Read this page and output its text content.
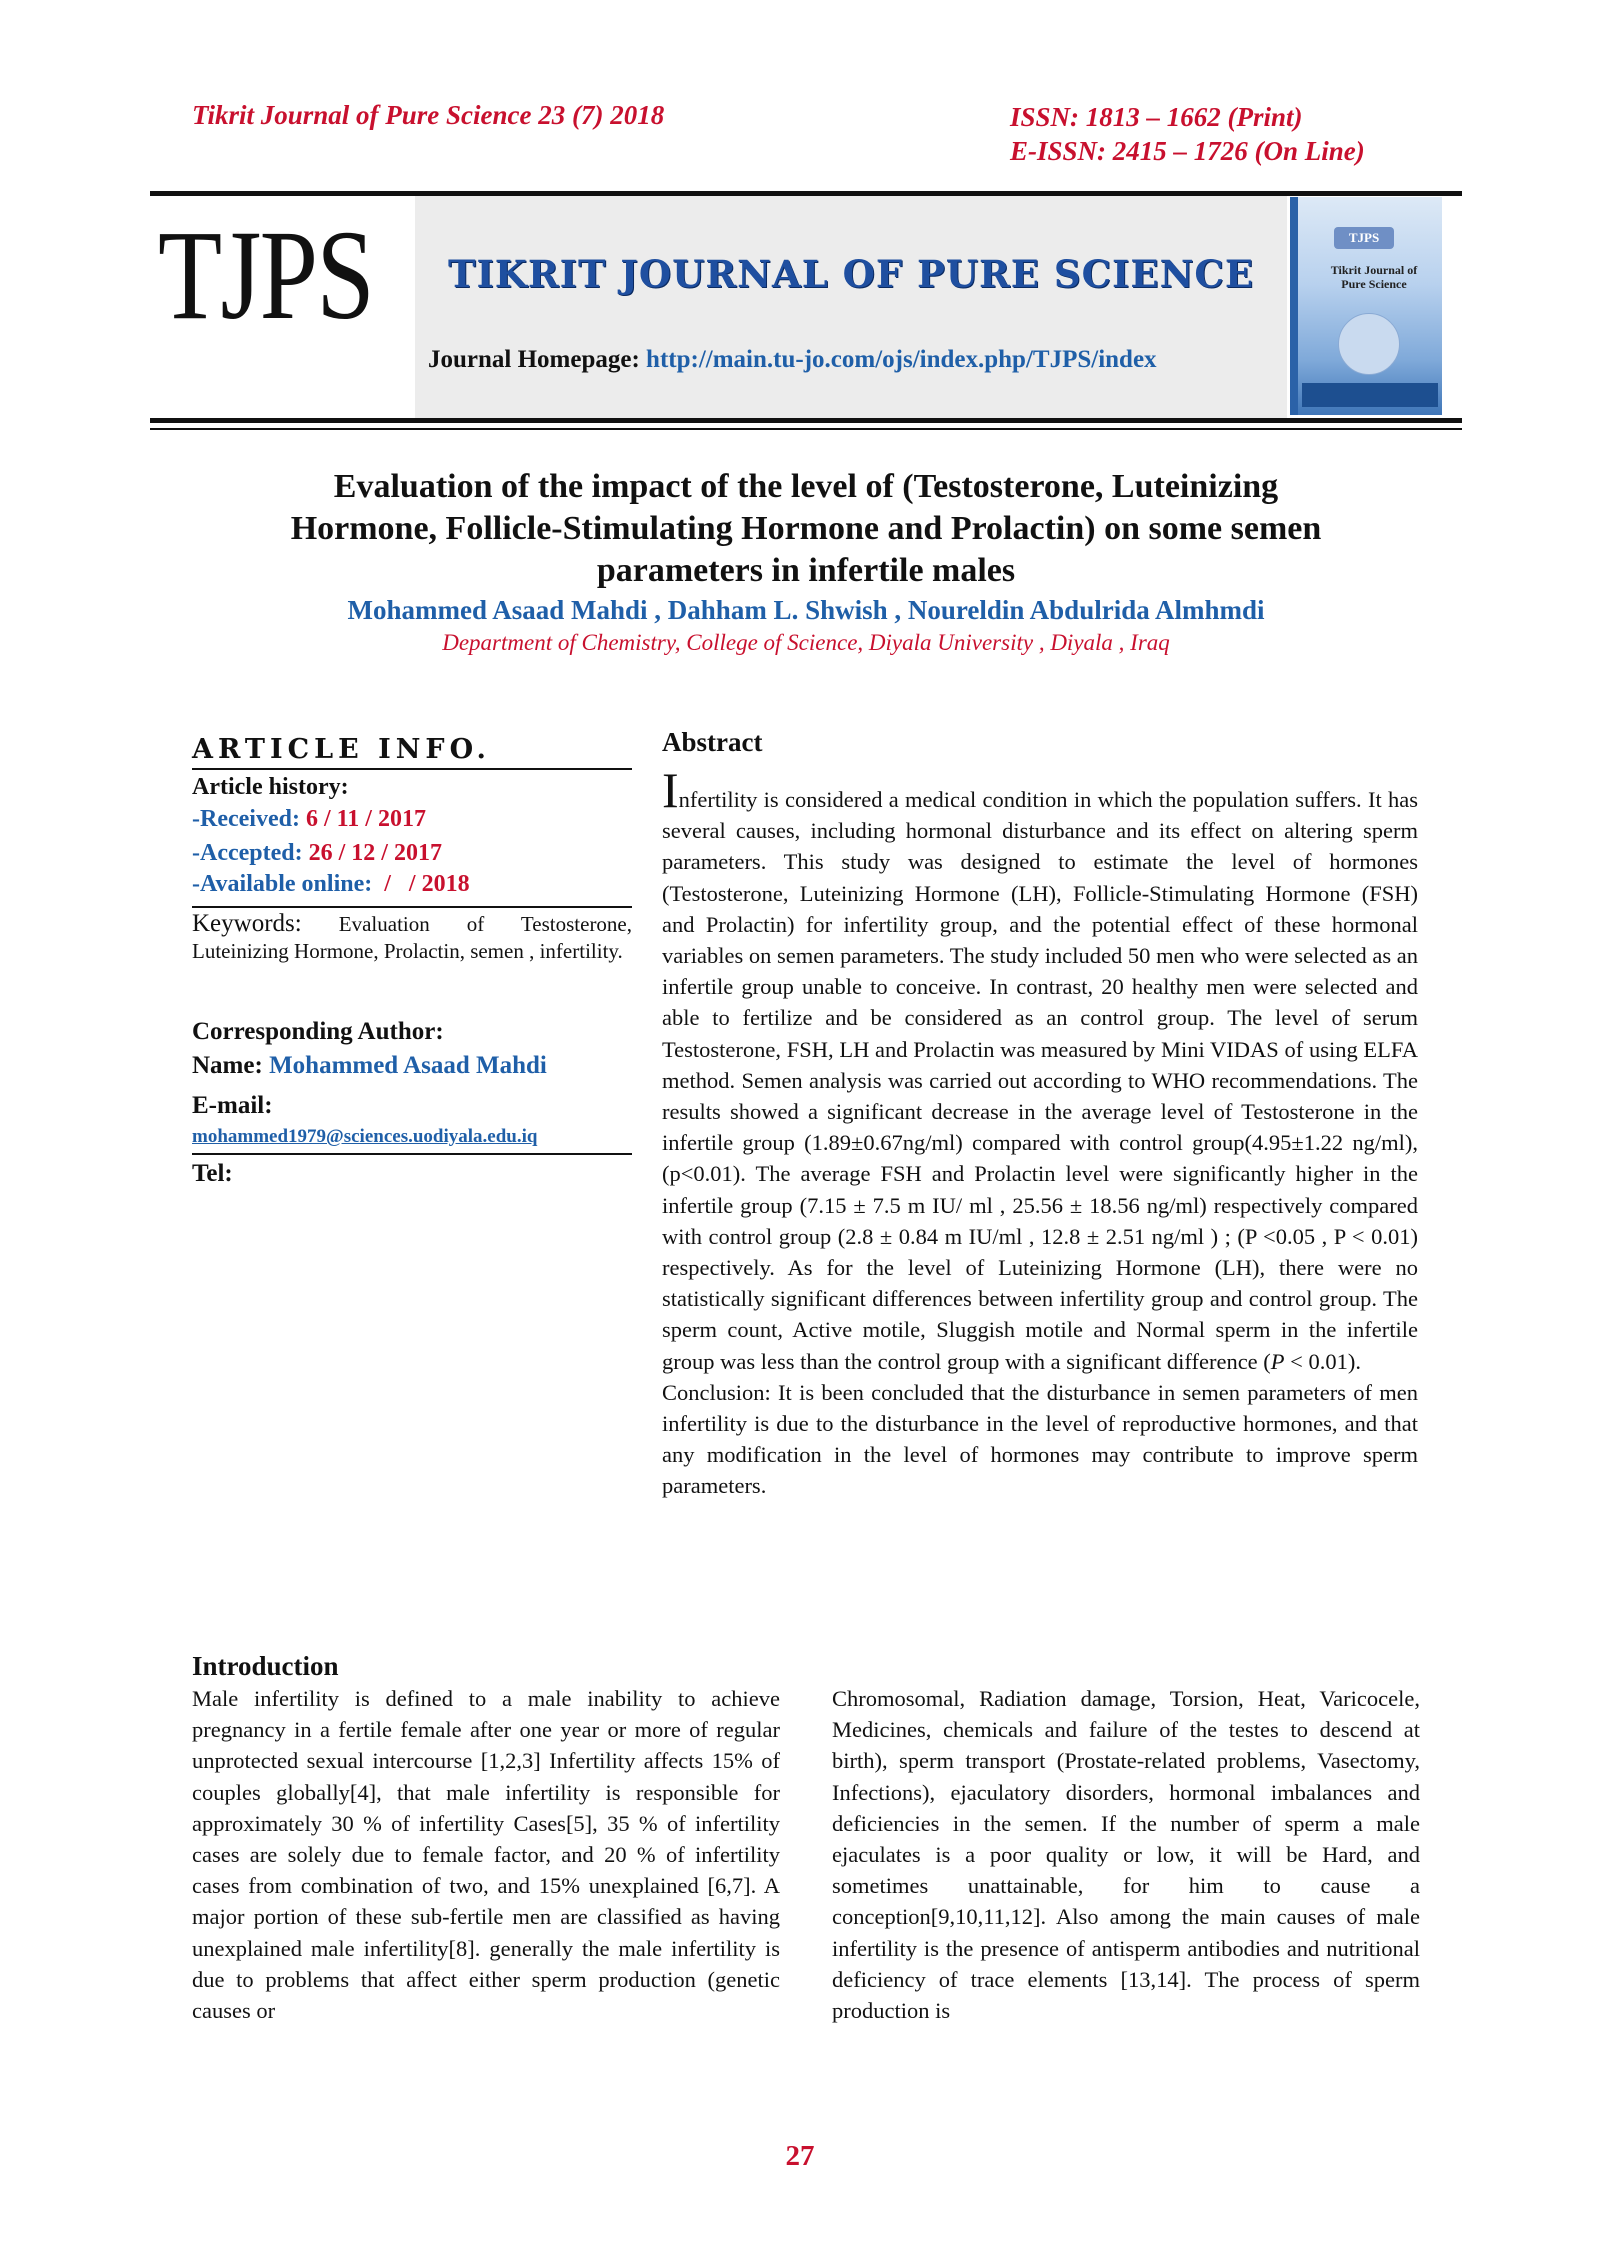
Tikrit Journal of Pure Science 23 (7) 2018	ISSN: 1813 – 1662 (Print)
E-ISSN: 2415 – 1726 (On Line)
TJPS	TIKRIT JOURNAL OF PURE SCIENCE
Journal Homepage: http://main.tu-jo.com/ojs/index.php/TJPS/index
TJPS
Tikrit Journal of
Pure Science
Evaluation of the impact of the level of (Testosterone, Luteinizing
Hormone, Follicle-Stimulating Hormone and Prolactin) on some semen
parameters in infertile males
Mohammed Asaad Mahdi , Dahham L. Shwish , Noureldin Abdulrida Almhmdi
Department of Chemistry, College of Science, Diyala University , Diyala , Iraq
ARTICLE INFO.
Article history:
-Received: 6 / 11 / 2017
-Accepted: 26 / 12 / 2017
-Available online:  /   / 2018
Keywords: Evaluation of Testosterone, Luteinizing Hormone, Prolactin, semen , infertility.
Corresponding Author:
Name: Mohammed Asaad Mahdi
E-mail:
mohammed1979@sciences.uodiyala.edu.iq
Tel:
Abstract

Infertility is considered a medical condition in which the population suffers. It has several causes, including hormonal disturbance and its effect on altering sperm parameters. This study was designed to estimate the level of hormones (Testosterone, Luteinizing Hormone (LH), Follicle-Stimulating Hormone (FSH) and Prolactin) for infertility group, and the potential effect of these hormonal variables on semen parameters. The study included 50 men who were selected as an infertile group unable to conceive. In contrast, 20 healthy men were selected and able to fertilize and be considered as an control group. The level of serum Testosterone, FSH, LH and Prolactin was measured by Mini VIDAS of using ELFA method. Semen analysis was carried out according to WHO recommendations. The results showed a significant decrease in the average level of Testosterone in the infertile group (1.89±0.67ng/ml) compared with control group(4.95±1.22 ng/ml), (p<0.01). The average FSH and Prolactin level were significantly higher in the infertile group (7.15 ± 7.5 m IU/ ml , 25.56 ± 18.56 ng/ml) respectively compared with control group (2.8 ± 0.84 m IU/ml , 12.8 ± 2.51 ng/ml ) ; (P <0.05 , P < 0.01) respectively. As for the level of Luteinizing Hormone (LH), there were no statistically significant differences between infertility group and control group. The sperm count, Active motile, Sluggish motile and Normal sperm in the infertile group was less than the control group with a significant difference (P < 0.01).

Conclusion: It is been concluded that the disturbance in semen parameters of men infertility is due to the disturbance in the level of reproductive hormones, and that any modification in the level of hormones may contribute to improve sperm parameters.

Introduction
Male infertility is defined to a male inability to achieve pregnancy in a fertile female after one year or more of regular unprotected sexual intercourse [1,2,3] Infertility affects 15% of couples globally[4], that male infertility is responsible for approximately 30 % of infertility Cases[5], 35 % of infertility cases are solely due to female factor, and 20 % of infertility cases from combination of two, and 15% unexplained [6,7]. A major portion of these sub-fertile men are classified as having unexplained male infertility[8]. generally the male infertility is due to problems that affect either sperm production (genetic causes or
Chromosomal, Radiation damage, Torsion, Heat, Varicocele, Medicines, chemicals and failure of the testes to descend at birth), sperm transport (Prostate-related problems, Vasectomy, Infections), ejaculatory disorders, hormonal imbalances and deficiencies in the semen. If the number of sperm a male ejaculates is a poor quality or low, it will be Hard, and sometimes unattainable, for him to cause a conception[9,10,11,12]. Also among the main causes of male infertility is the presence of antisperm antibodies and nutritional deficiency of trace elements [13,14]. The process of sperm production is
27
